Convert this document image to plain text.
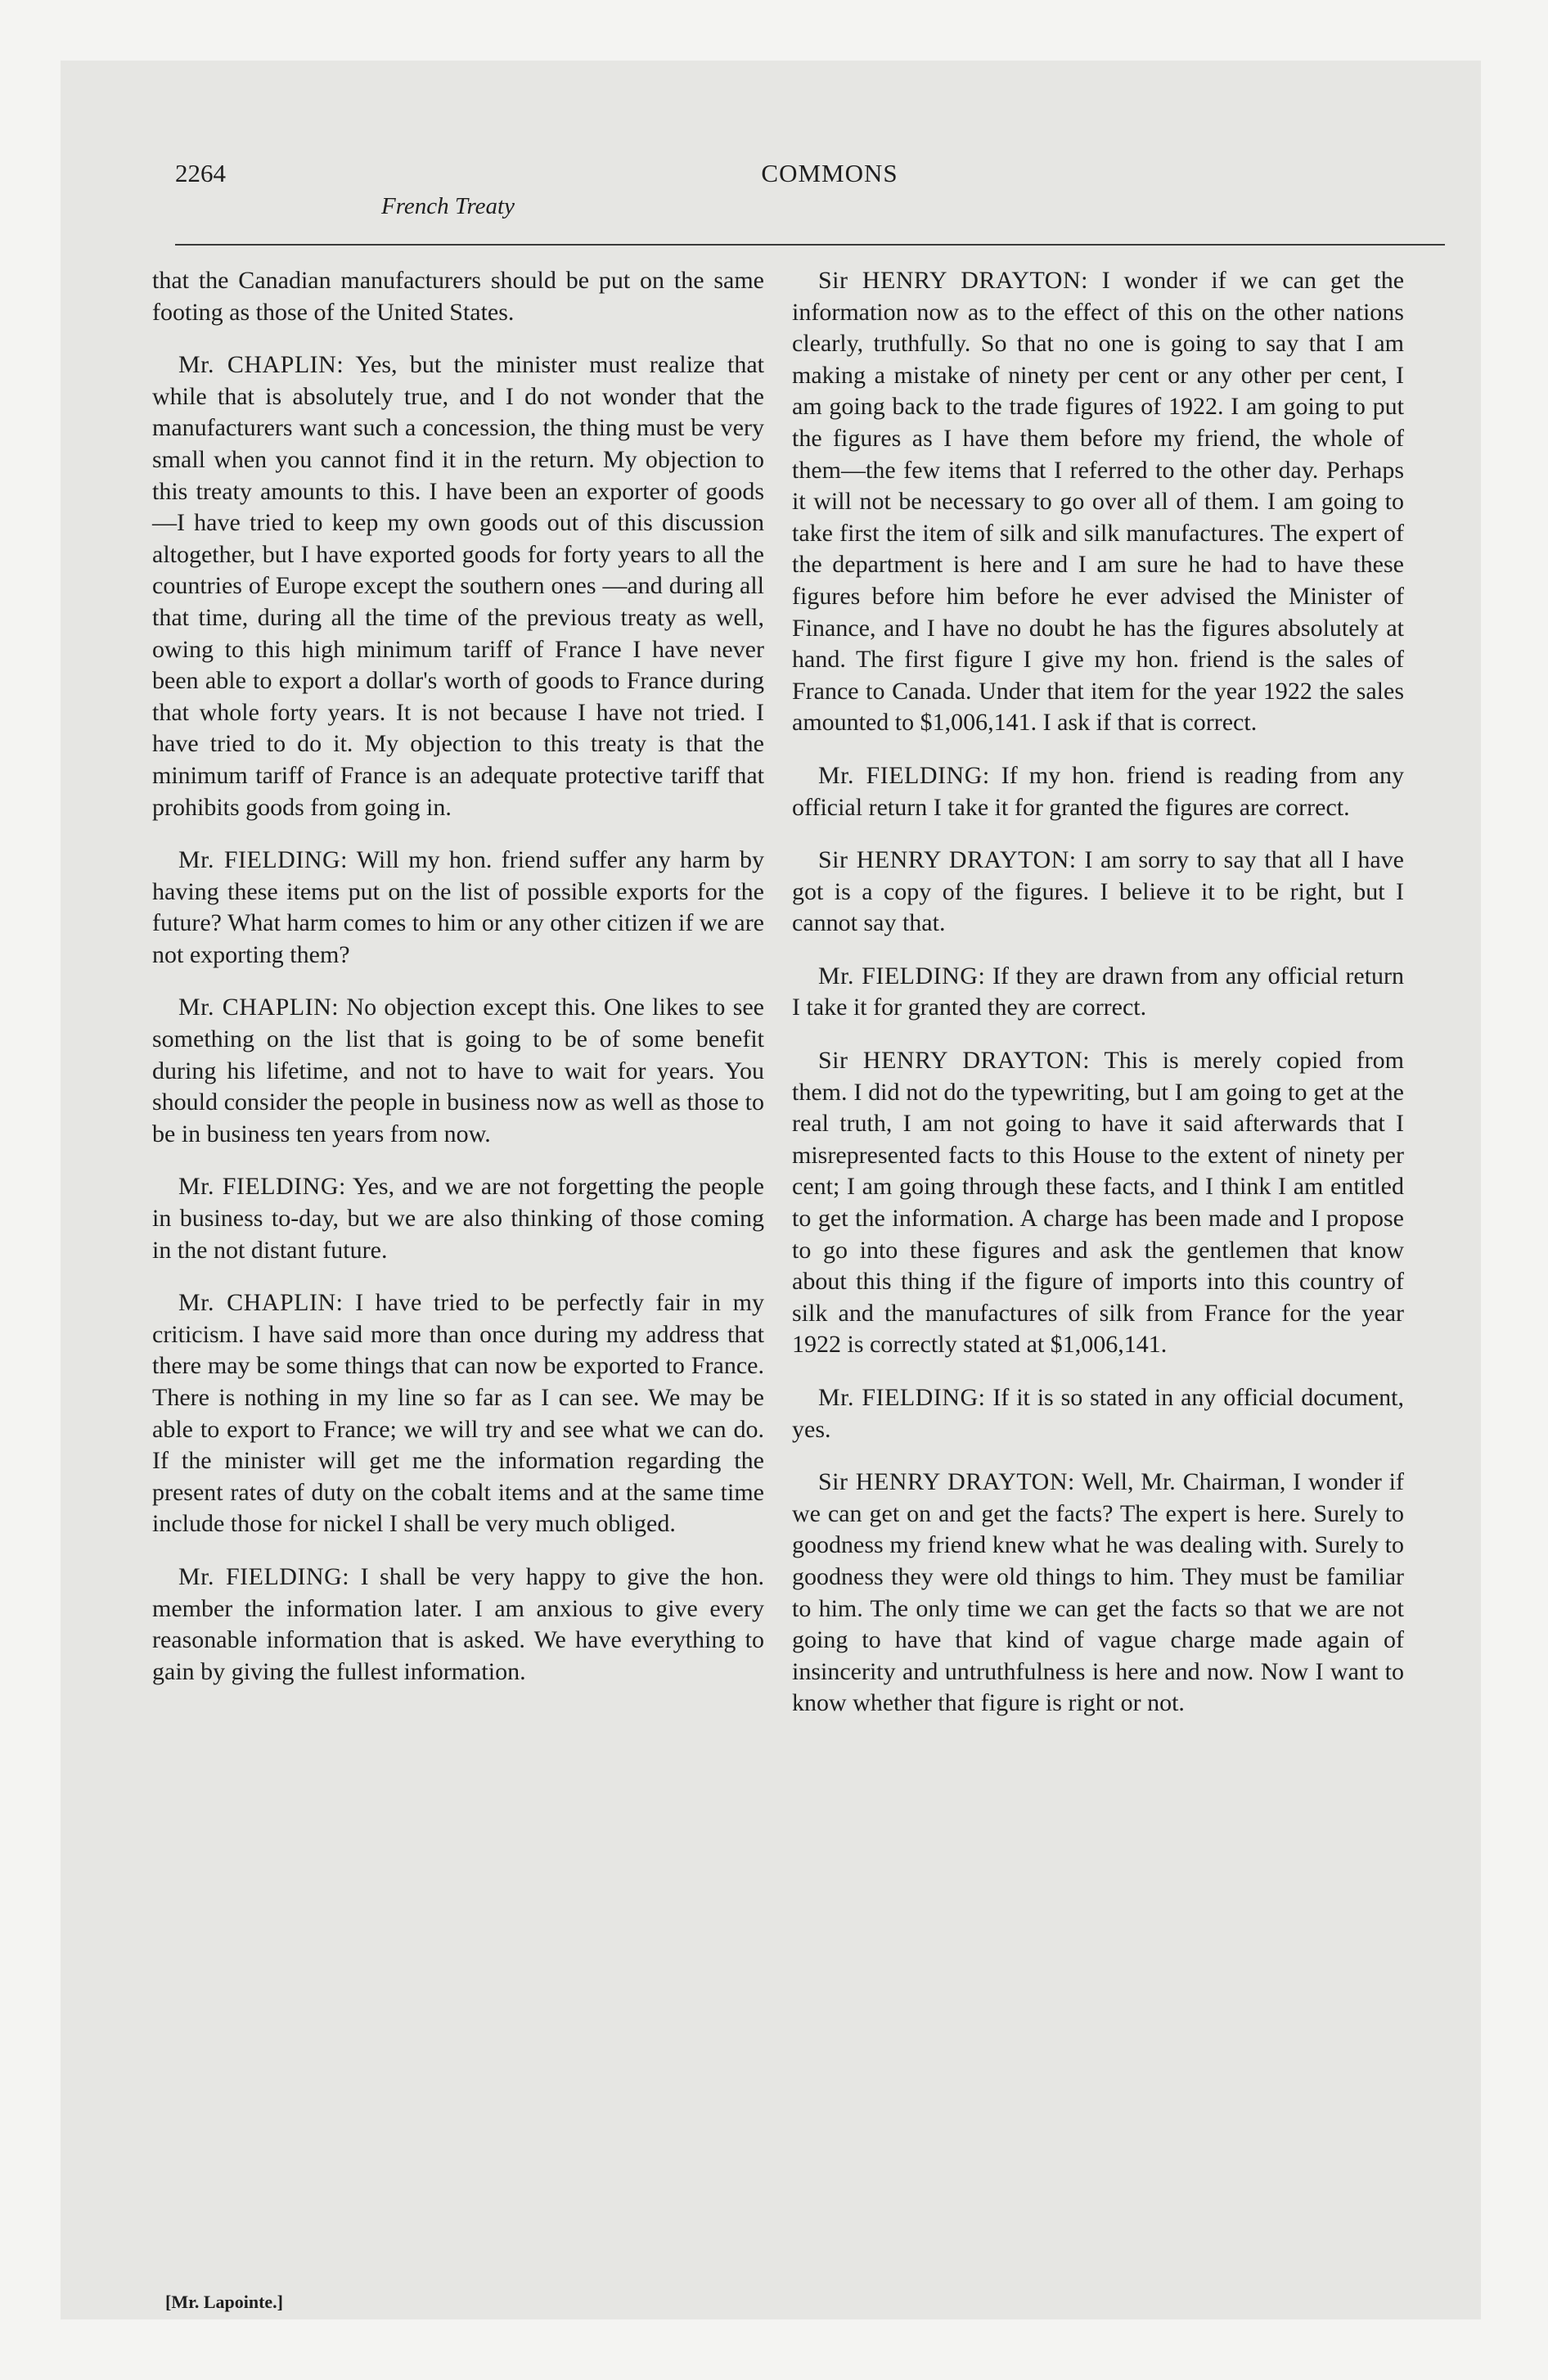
2264	COMMONS
French Treaty

that the Canadian manufacturers should be put on the same footing as those of the United States.

Mr. CHAPLIN: Yes, but the minister must realize that while that is absolutely true, and I do not wonder that the manufacturers want such a concession, the thing must be very small when you cannot find it in the return. My objection to this treaty amounts to this. I have been an exporter of goods—I have tried to keep my own goods out of this discussion altogether, but I have exported goods for forty years to all the countries of Europe except the southern ones —and during all that time, during all the time of the previous treaty as well, owing to this high minimum tariff of France I have never been able to export a dollar's worth of goods to France during that whole forty years. It is not because I have not tried. I have tried to do it. My objection to this treaty is that the minimum tariff of France is an adequate protective tariff that prohibits goods from going in.

Mr. FIELDING: Will my hon. friend suffer any harm by having these items put on the list of possible exports for the future? What harm comes to him or any other citizen if we are not exporting them?

Mr. CHAPLIN: No objection except this. One likes to see something on the list that is going to be of some benefit during his lifetime, and not to have to wait for years. You should consider the people in business now as well as those to be in business ten years from now.

Mr. FIELDING: Yes, and we are not forgetting the people in business to-day, but we are also thinking of those coming in the not distant future.

Mr. CHAPLIN: I have tried to be perfectly fair in my criticism. I have said more than once during my address that there may be some things that can now be exported to France. There is nothing in my line so far as I can see. We may be able to export to France; we will try and see what we can do. If the minister will get me the information regarding the present rates of duty on the cobalt items and at the same time include those for nickel I shall be very much obliged.

Mr. FIELDING: I shall be very happy to give the hon. member the information later. I am anxious to give every reasonable information that is asked. We have everything to gain by giving the fullest information.

Sir HENRY DRAYTON: I wonder if we can get the information now as to the effect of this on the other nations clearly, truthfully. So that no one is going to say that I am making a mistake of ninety per cent or any other per cent, I am going back to the trade figures of 1922. I am going to put the figures as I have them before my friend, the whole of them—the few items that I referred to the other day. Perhaps it will not be necessary to go over all of them. I am going to take first the item of silk and silk manufactures. The expert of the department is here and I am sure he had to have these figures before him before he ever advised the Minister of Finance, and I have no doubt he has the figures absolutely at hand. The first figure I give my hon. friend is the sales of France to Canada. Under that item for the year 1922 the sales amounted to $1,006,141. I ask if that is correct.

Mr. FIELDING: If my hon. friend is reading from any official return I take it for granted the figures are correct.

Sir HENRY DRAYTON: I am sorry to say that all I have got is a copy of the figures. I believe it to be right, but I cannot say that.

Mr. FIELDING: If they are drawn from any official return I take it for granted they are correct.

Sir HENRY DRAYTON: This is merely copied from them. I did not do the typewriting, but I am going to get at the real truth, I am not going to have it said afterwards that I misrepresented facts to this House to the extent of ninety per cent; I am going through these facts, and I think I am entitled to get the information. A charge has been made and I propose to go into these figures and ask the gentlemen that know about this thing if the figure of imports into this country of silk and the manufactures of silk from France for the year 1922 is correctly stated at $1,006,141.

Mr. FIELDING: If it is so stated in any official document, yes.

Sir HENRY DRAYTON: Well, Mr. Chairman, I wonder if we can get on and get the facts? The expert is here. Surely to goodness my friend knew what he was dealing with. Surely to goodness they were old things to him. They must be familiar to him. The only time we can get the facts so that we are not going to have that kind of vague charge made again of insincerity and untruthfulness is here and now. Now I want to know whether that figure is right or not.

[Mr. Lapointe.]
